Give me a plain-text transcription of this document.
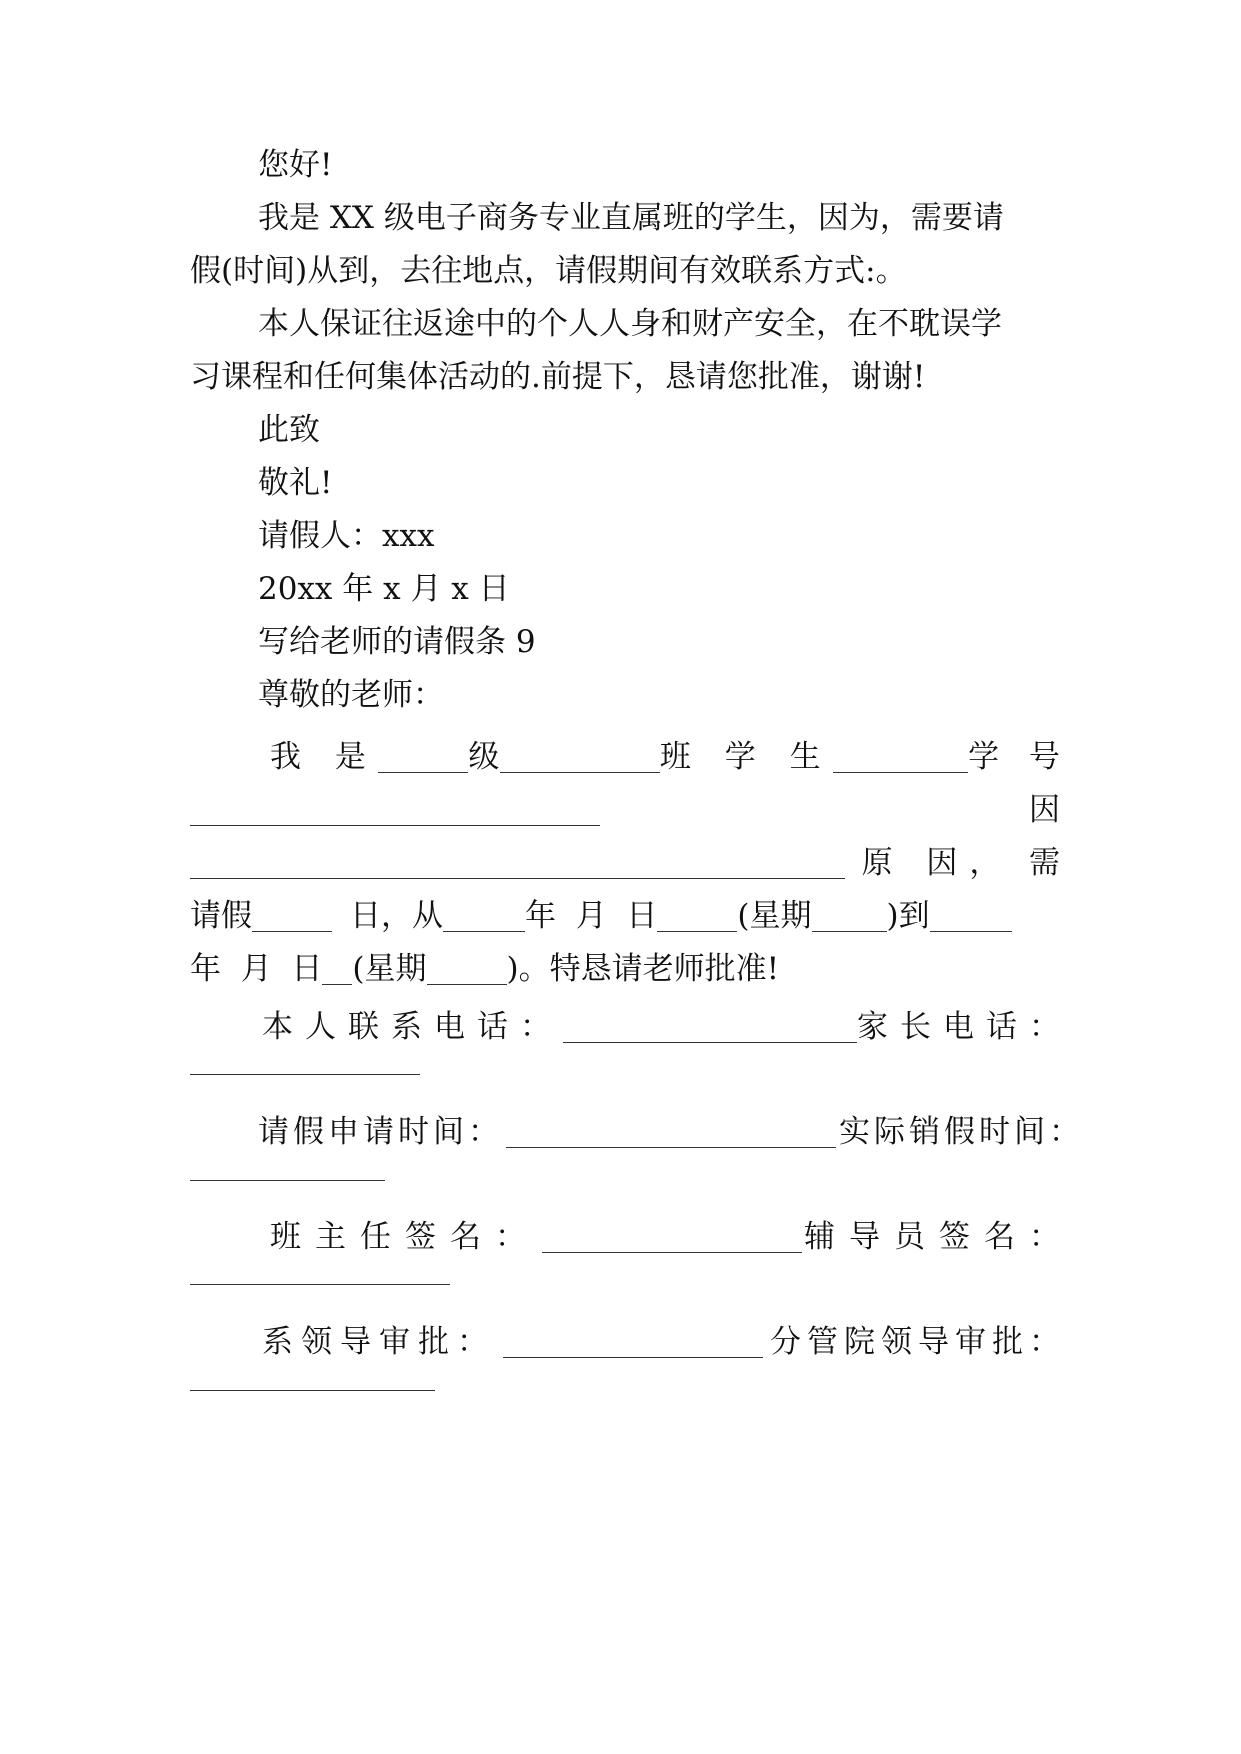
您好!
我是 XX 级电子商务专业直属班的学生，因为，需要请
假(时间)从到，去往地点，请假期间有效联系方式:。
本人保证往返途中的个人人身和财产安全，在不耽误学
习课程和任何集体活动的.前提下，恳请您批准，谢谢!
此致
敬礼!
请假人：xxx
20xx 年 x 月 x 日
写给老师的请假条 9
尊敬的老师：
我 是	级	班 学 生	学 号
因
原 因， 需
请假	日，从	年  月  日	(星期 )到
年  月  日 (星期	)。特恳请老师批准!
本人联系电话：	家长电话：
请假申请时间：	实际销假时间：
班主任签名：	辅导员签名：
系领导审批：	分管院领导审批：
